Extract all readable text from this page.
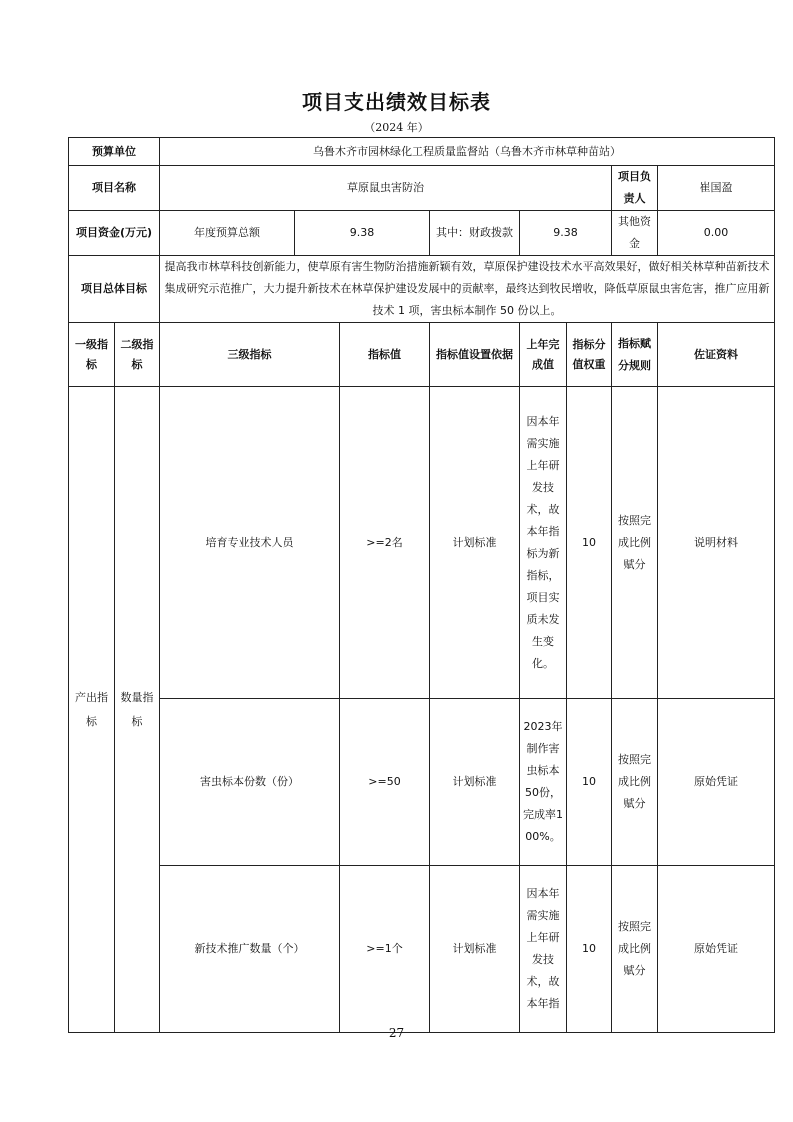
项目支出绩效目标表
（2024 年）
预算单位		乌鲁木齐市园林绿化工程质量监督站（乌鲁木齐市林草种苗站）							
项目名称		草原鼠虫害防治						项目负责人	崔国盈
项目资金(万元)		年度预算总额	9.38		其中：财政拨款	9.38		其他资金	0.00
项目总体目标		提高我市林草科技创新能力，使草原有害生物防治措施新颖有效，草原保护建设技术水平高效果好，做好相关林草种苗新技术集成研究示范推广，大力提升新技术在林草保护建设发展中的贡献率，最终达到牧民增收，降低草原鼠虫害危害，推广应用新技术 1 项，害虫标本制作 50 份以上。							
一级指标	二级指标	三级指标		指标值	指标值设置依据	上年完成值	指标分值权重	指标赋分规则	佐证资料
产出指标	数量指标	培育专业技术人员		>=2名	计划标准	因本年需实施上年研发技术，故本年指标为新指标，项目实质未发生变化。	10	按照完成比例赋分	说明材料
		害虫标本份数（份）		>=50	计划标准	2023年制作害虫标本 50份，完成率100%。	10	按照完成比例赋分	原始凭证
		新技术推广数量（个）		>=1个	计划标准	因本年需实施上年研发技术，故本年指	10	按照完成比例赋分	原始凭证
27
